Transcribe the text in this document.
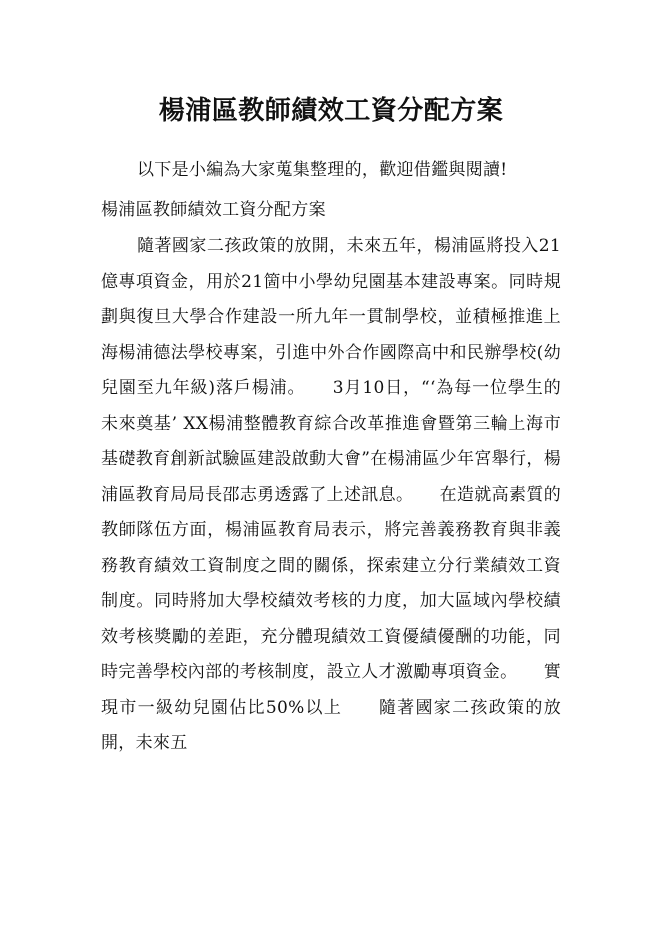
楊浦區教師績效工資分配方案

以下是小編為大家蒐集整理的，歡迎借鑑與閱讀!

楊浦區教師績效工資分配方案

隨著國家二孩政策的放開，未來五年，楊浦區將投入21億專項資金，用於21箇中小學幼兒園基本建設專案。同時規劃與復旦大學合作建設一所九年一貫制學校，並積極推進上海楊浦德法學校專案，引進中外合作國際高中和民辦學校(幼兒園至九年級)落戶楊浦。　　3月10日，“‘為每一位學生的未來奠基’ XX楊浦整體教育綜合改革推進會暨第三輪上海市基礎教育創新試驗區建設啟動大會”在楊浦區少年宮舉行，楊浦區教育局局長邵志勇透露了上述訊息。　　在造就高素質的教師隊伍方面，楊浦區教育局表示，將完善義務教育與非義務教育績效工資制度之間的關係，探索建立分行業績效工資制度。同時將加大學校績效考核的力度，加大區域內學校績效考核獎勵的差距，充分體現績效工資優績優酬的功能，同時完善學校內部的考核制度，設立人才激勵專項資金。　　實現市一級幼兒園佔比50%以上　　隨著國家二孩政策的放開，未來五
